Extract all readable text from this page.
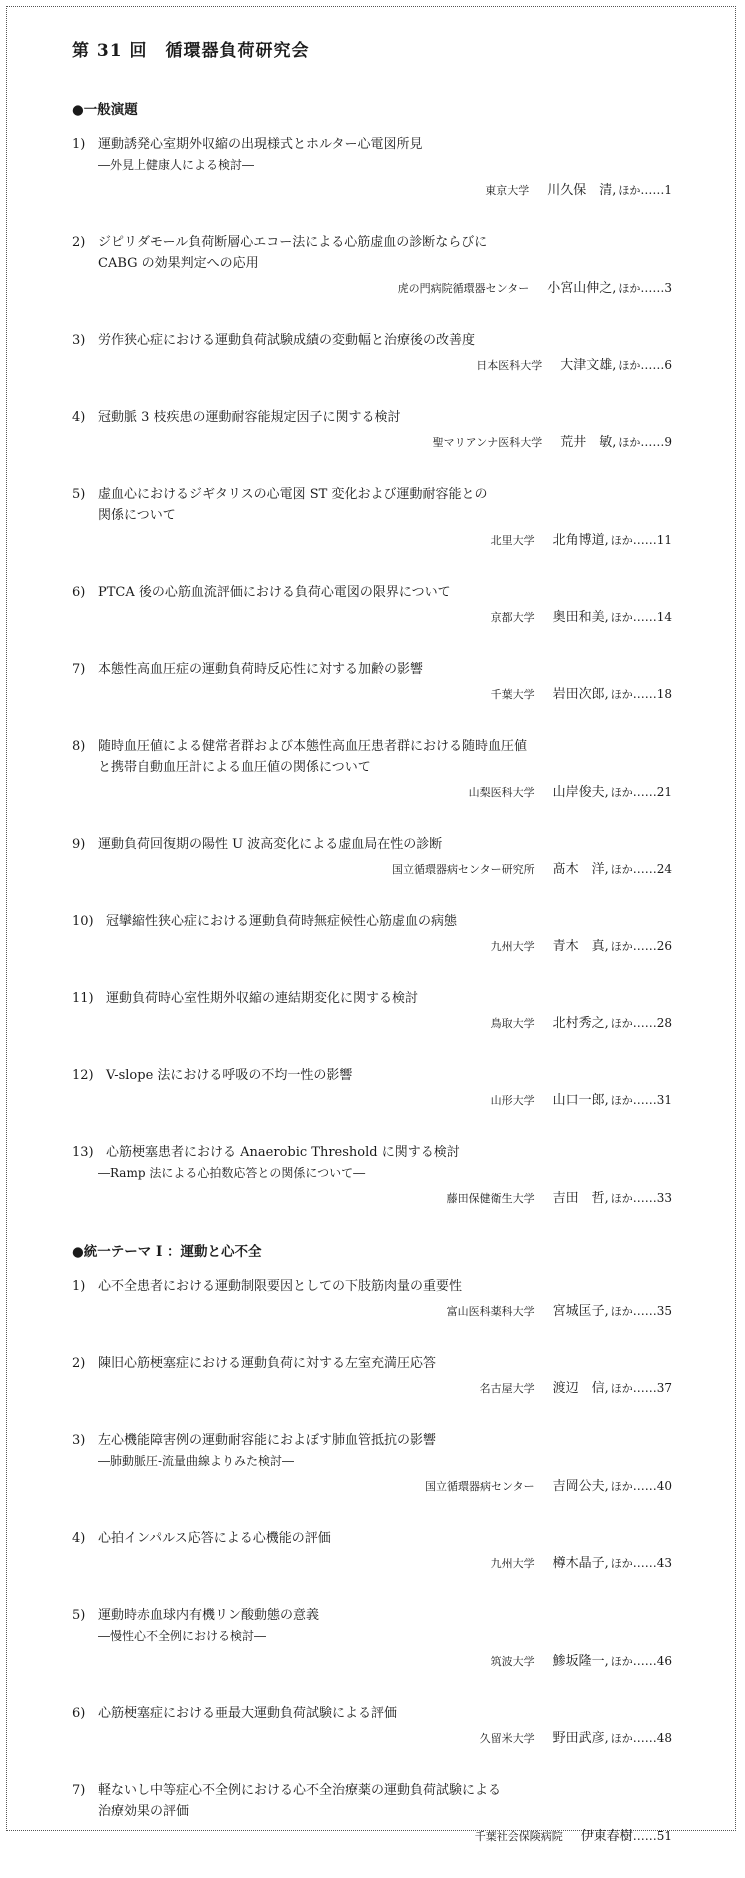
第 31 回　循環器負荷研究会
●一般演題
1) 運動誘発心室期外収縮の出現様式とホルター心電図所見
―外見上健康人による検討―
東京大学 川久保　清, ほか……1
2) ジピリダモール負荷断層心エコー法による心筋虚血の診断ならびに
CABG の効果判定への応用
虎の門病院循環器センター 小宮山伸之, ほか……3
3) 労作狭心症における運動負荷試験成績の変動幅と治療後の改善度
日本医科大学 大津文雄, ほか……6
4) 冠動脈 3 枝疾患の運動耐容能規定因子に関する検討
聖マリアンナ医科大学 荒井　敏, ほか……9
5) 虚血心におけるジギタリスの心電図 ST 変化および運動耐容能との
関係について
北里大学 北角博道, ほか……11
6) PTCA 後の心筋血流評価における負荷心電図の限界について
京都大学 奥田和美, ほか……14
7) 本態性高血圧症の運動負荷時反応性に対する加齢の影響
千葉大学 岩田次郎, ほか……18
8) 随時血圧値による健常者群および本態性高血圧患者群における随時血圧値
と携帯自動血圧計による血圧値の関係について
山梨医科大学 山岸俊夫, ほか……21
9) 運動負荷回復期の陽性 U 波高変化による虚血局在性の診断
国立循環器病センター研究所 髙木　洋, ほか……24
10) 冠攣縮性狭心症における運動負荷時無症候性心筋虚血の病態
九州大学 青木　真, ほか……26
11) 運動負荷時心室性期外収縮の連結期変化に関する検討
鳥取大学 北村秀之, ほか……28
12) V-slope 法における呼吸の不均一性の影響
山形大学 山口一郎, ほか……31
13) 心筋梗塞患者における Anaerobic Threshold に関する検討
―Ramp 法による心拍数応答との関係について―
藤田保健衛生大学 吉田　哲, ほか……33
●統一テーマ I ：運動と心不全
1) 心不全患者における運動制限要因としての下肢筋肉量の重要性
富山医科薬科大学 宮城匡子, ほか……35
2) 陳旧心筋梗塞症における運動負荷に対する左室充満圧応答
名古屋大学 渡辺　信, ほか……37
3) 左心機能障害例の運動耐容能におよぼす肺血管抵抗の影響
―肺動脈圧-流量曲線よりみた検討―
国立循環器病センター 吉岡公夫, ほか……40
4) 心拍インパルス応答による心機能の評価
九州大学 樽木晶子, ほか……43
5) 運動時赤血球内有機リン酸動態の意義
―慢性心不全例における検討―
筑波大学 鯵坂隆一, ほか……46
6) 心筋梗塞症における亜最大運動負荷試験による評価
久留米大学 野田武彦, ほか……48
7) 軽ないし中等症心不全例における心不全治療薬の運動負荷試験による
治療効果の評価
千葉社会保険病院 伊東春樹……51
